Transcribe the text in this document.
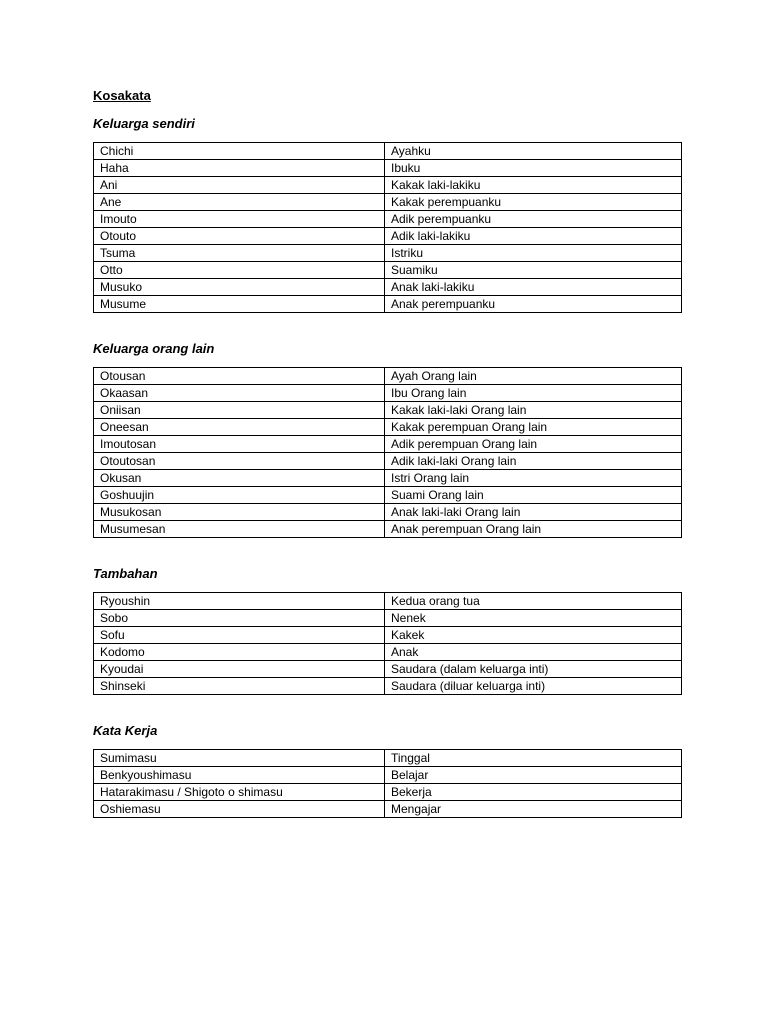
Kosakata

Keluarga sendiri

Chichi	Ayahku
Haha	Ibuku
Ani	Kakak laki-lakiku
Ane	Kakak perempuanku
Imouto	Adik perempuanku
Otouto	Adik laki-lakiku
Tsuma	Istriku
Otto	Suamiku
Musuko	Anak laki-lakiku
Musume	Anak perempuanku

Keluarga orang lain

Otousan	Ayah Orang lain
Okaasan	Ibu Orang lain
Oniisan	Kakak laki-laki Orang lain
Oneesan	Kakak perempuan Orang lain
Imoutosan	Adik perempuan Orang lain
Otoutosan	Adik laki-laki Orang lain
Okusan	Istri Orang lain
Goshuujin	Suami Orang lain
Musukosan	Anak laki-laki Orang lain
Musumesan	Anak perempuan Orang lain

Tambahan

Ryoushin	Kedua orang tua
Sobo	Nenek
Sofu	Kakek
Kodomo	Anak
Kyoudai	Saudara (dalam keluarga inti)
Shinseki	Saudara (diluar keluarga inti)

Kata Kerja

Sumimasu	Tinggal
Benkyoushimasu	Belajar
Hatarakimasu / Shigoto o shimasu	Bekerja
Oshiemasu	Mengajar
